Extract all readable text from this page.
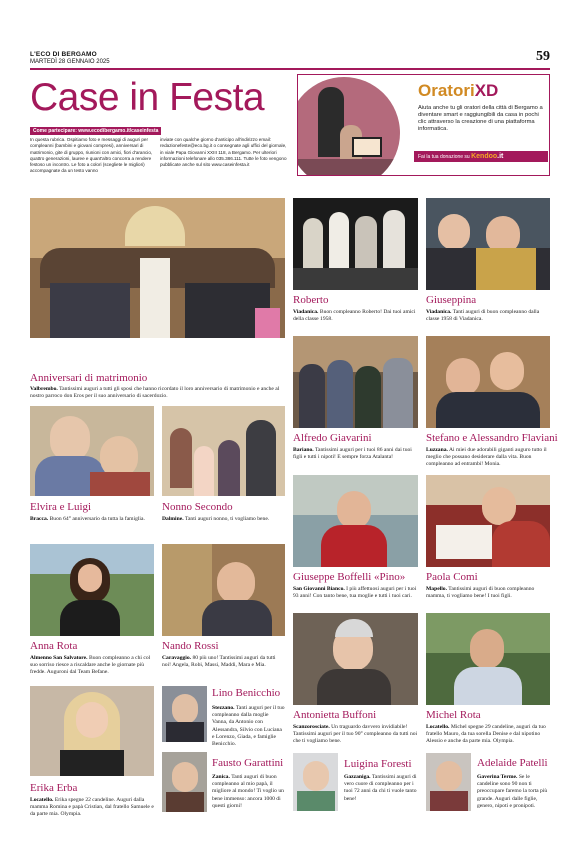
L'ECO DI BERGAMO
MARTEDÌ 28 GENNAIO 2025	59
Case in Festa
Come partecipare: www.ecodibergamo.it/caseinfesta
In questa rubrica. Ospitiamo foto e messaggi di auguri per compleanni (bambini e giovani compresi), anniversari di matrimonio, gite di gruppo, riunioni con amici, fiori d'arancio, quattro generazioni, lauree e quant'altro concorra a rendere festoso un incontro. Le foto a colori (scegliete le migliori) accompagnate da un testo vanno
inviate con qualche giorno d'anticipo all'indirizzo email: redazionefeste@eco.bg.it o consegnate agli uffici del giornale, in viale Papa Giovanni XXIII 118, a Bergamo. Per ulteriori informazioni telefonare allo 035.386.111. Tutte le foto vengono pubblicate anche sul sito www.caseinfesta.it
OratoriXD
Aiuta anche tu gli oratori della città di Bergamo a diventare smart e raggiungibili da casa in pochi clic attraverso la creazione di una piattaforma informatica.
Fai la tua donazione su Kendoo.it
Anniversari di matrimonio
Valbrembo. Tantissimi auguri a tutti gli sposi che hanno ricordato il loro anniversario di matrimonio e anche al nostro parroco don Eros per il suo anniversario di sacerdozio.
Elvira e Luigi
Bracca. Buon 64° anniversario da tutta la famiglia.
Nonno Secondo
Dalmine. Tanti auguri nonno, ti vogliamo bene.
Anna Rota
Almenno San Salvatore. Buon compleanno a chi col suo sorriso riesce a riscaldare anche le giornate più fredde. Auguroni dal Team Befane.
Nando Rossi
Caravaggio. 80 più uno! Tantissimi auguri da tutti noi! Angela, Robi, Massi, Maddi, Mara e Mia.
Erika Erba
Locatello. Erika spegne 22 candeline. Auguri dalla mamma Romina e papà Cristian, dal fratello Samuele e da parte mia. Olympia.
Lino Benicchio
Stezzano. Tanti auguri per il tuo compleanno dalla moglie Vanna, da Antonio con Alessandra, Silvio con Luciana e Lorenzo, Giada, e famiglie Benicchio.
Fausto Garattini
Zanica. Tanti auguri di buon compleanno al mio papà, il migliore al mondo! Ti voglio un bene immenso: ancora 1000 di questi giorni!
Roberto
Viadanica. Buon compleanno Roberto! Dai tuoi amici della classe 1958.
Alfredo Giavarini
Bariano. Tantissimi auguri per i tuoi 86 anni dai tuoi figli e tutti i nipoti! E sempre forza Atalanta!
Giuseppe Boffelli «Pino»
San Giovanni Bianco. I più affettuosi auguri per i tuoi 93 anni! Con tanto bene, tua moglie e tutti i tuoi cari.
Antonietta Buffoni
Scanzorosciate. Un traguardo davvero invidiabile! Tantissimi auguri per il tuo 90° compleanno da tutti noi che ti vogliamo bene.
Luigina Foresti
Gazzaniga. Tantissimi auguri di vero cuore di compleanno per i tuoi 72 anni da chi ti vuole tanto bene!
Giuseppina
Viadanica. Tanti auguri di buon compleanno dalla classe 1958 di Viadanica.
Stefano e Alessandro Flaviani
Luzzana. Ai miei due adorabili giganti auguro tutto il meglio che possano desiderare dalla vita. Buon compleanno ad entrambi! Monia.
Paola Comi
Mapello. Tantissimi auguri di buon compleanno mamma, ti vogliamo bene! I tuoi figli.
Michel Rota
Locatello. Michel spegne 29 candeline, auguri da tuo fratello Mauro, da tua sorella Denise e dal nipotino Alessio e anche da parte mia. Olympia.
Adelaide Patelli
Gaverina Terme. Se le candeline sono 90 non ti preoccupare faremo la torta più grande. Auguri dalle figlie, genero, nipoti e pronipoti.
